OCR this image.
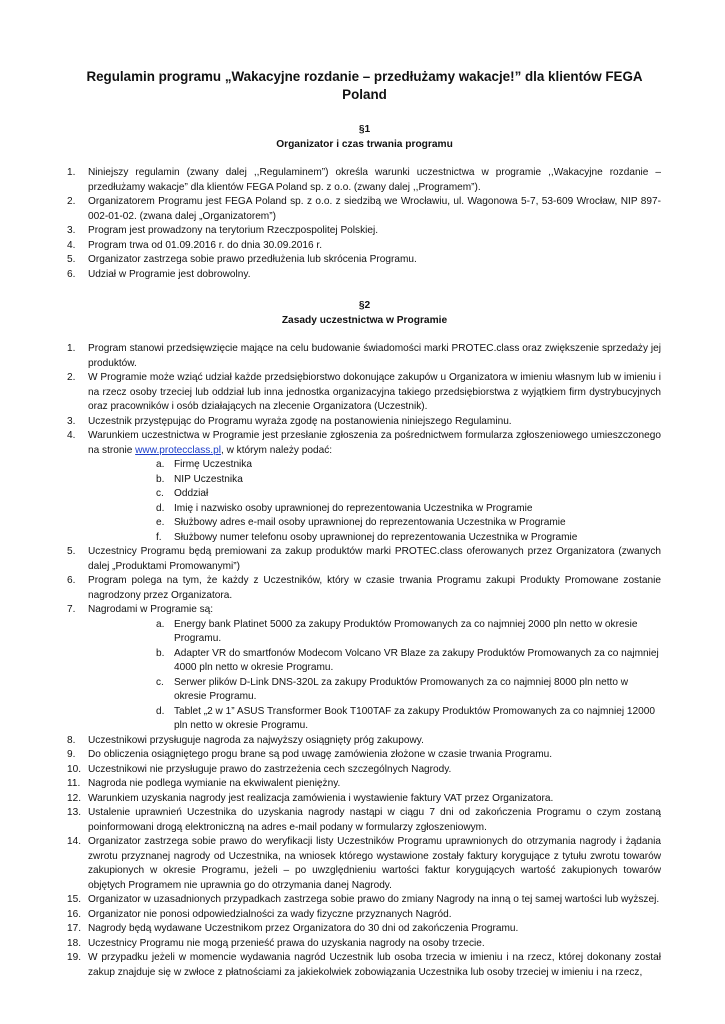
Regulamin programu „Wakacyjne rozdanie – przedłużamy wakacje!” dla klientów FEGA Poland
§1
Organizator i czas trwania programu
1. Niniejszy regulamin (zwany dalej ,,Regulaminem”) określa warunki uczestnictwa w programie ,,Wakacyjne rozdanie – przedłużamy wakacje” dla klientów FEGA Poland sp. z o.o. (zwany dalej ,,Programem”).
2. Organizatorem Programu jest FEGA Poland sp. z o.o. z siedzibą we Wrocławiu, ul. Wagonowa 5-7, 53-609 Wrocław, NIP 897-002-01-02. (zwana dalej „Organizatorem”)
3. Program jest prowadzony na terytorium Rzeczpospolitej Polskiej.
4. Program trwa od 01.09.2016 r. do dnia 30.09.2016 r.
5. Organizator zastrzega sobie prawo przedłużenia lub skrócenia Programu.
6. Udział w Programie jest dobrowolny.
§2
Zasady uczestnictwa w Programie
1. Program stanowi przedsięwzięcie mające na celu budowanie świadomości marki PROTEC.class oraz zwiększenie sprzedaży jej produktów.
2. W Programie może wziąć udział każde przedsiębiorstwo dokonujące zakupów u Organizatora w imieniu własnym lub w imieniu i na rzecz osoby trzeciej lub oddział lub inna jednostka organizacyjna takiego przedsiębiorstwa z wyjątkiem firm dystrybucyjnych oraz pracowników i osób działających na zlecenie Organizatora (Uczestnik).
3. Uczestnik przystępując do Programu wyraża zgodę na postanowienia niniejszego Regulaminu.
4. Warunkiem uczestnictwa w Programie jest przesłanie zgłoszenia za pośrednictwem formularza zgłoszeniowego umieszczonego na stronie www.protecclass.pl, w którym należy podać:
a. Firmę Uczestnika
b. NIP Uczestnika
c. Oddział
d. Imię i nazwisko osoby uprawnionej do reprezentowania Uczestnika w Programie
e. Służbowy adres e-mail osoby uprawnionej do reprezentowania Uczestnika w Programie
f. Służbowy numer telefonu osoby uprawnionej do reprezentowania Uczestnika w Programie
5. Uczestnicy Programu będą premiowani za zakup produktów marki PROTEC.class oferowanych przez Organizatora (zwanych dalej „Produktami Promowanymi”)
6. Program polega na tym, że każdy z Uczestników, który w czasie trwania Programu zakupi Produkty Promowane zostanie nagrodzony przez Organizatora.
7. Nagrodami w Programie są:
a. Energy bank Platinet 5000 za zakupy Produktów Promowanych za co najmniej 2000 pln netto w okresie Programu.
b. Adapter VR do smartfonów Modecom Volcano VR Blaze za zakupy Produktów Promowanych za co najmniej 4000 pln netto w okresie Programu.
c. Serwer plików D-Link DNS-320L za zakupy Produktów Promowanych za co najmniej 8000 pln netto w okresie Programu.
d. Tablet „2 w 1” ASUS Transformer Book T100TAF za zakupy Produktów Promowanych za co najmniej 12000 pln netto w okresie Programu.
8. Uczestnikowi przysługuje nagroda za najwyższy osiągnięty próg zakupowy.
9. Do obliczenia osiągniętego progu brane są pod uwagę zamówienia złożone w czasie trwania Programu.
10. Uczestnikowi nie przysługuje prawo do zastrzeżenia cech szczególnych Nagrody.
11. Nagroda nie podlega wymianie na ekwiwalent pieniężny.
12. Warunkiem uzyskania nagrody jest realizacja zamówienia i wystawienie faktury VAT przez Organizatora.
13. Ustalenie uprawnień Uczestnika do uzyskania nagrody nastąpi w ciągu 7 dni od zakończenia Programu o czym zostaną poinformowani drogą elektroniczną na adres e-mail podany w formularzy zgłoszeniowym.
14. Organizator zastrzega sobie prawo do weryfikacji listy Uczestników Programu uprawnionych do otrzymania nagrody i żądania zwrotu przyznanej nagrody od Uczestnika, na wniosek którego wystawione zostały faktury korygujące z tytułu zwrotu towarów zakupionych w okresie Programu, jeżeli – po uwzględnieniu wartości faktur korygujących wartość zakupionych towarów objętych Programem nie uprawnia go do otrzymania danej Nagrody.
15. Organizator w uzasadnionych przypadkach zastrzega sobie prawo do zmiany Nagrody na inną o tej samej wartości lub wyższej.
16. Organizator nie ponosi odpowiedzialności za wady fizyczne przyznanych Nagród.
17. Nagrody będą wydawane Uczestnikom przez Organizatora do 30 dni od zakończenia Programu.
18. Uczestnicy Programu nie mogą przenieść prawa do uzyskania nagrody na osoby trzecie.
19. W przypadku jeżeli w momencie wydawania nagród Uczestnik lub osoba trzecia w imieniu i na rzecz, której dokonany został zakup znajduje się w zwłoce z płatnościami za jakiekolwiek zobowiązania Uczestnika lub osoby trzeciej w imieniu i na rzecz,
